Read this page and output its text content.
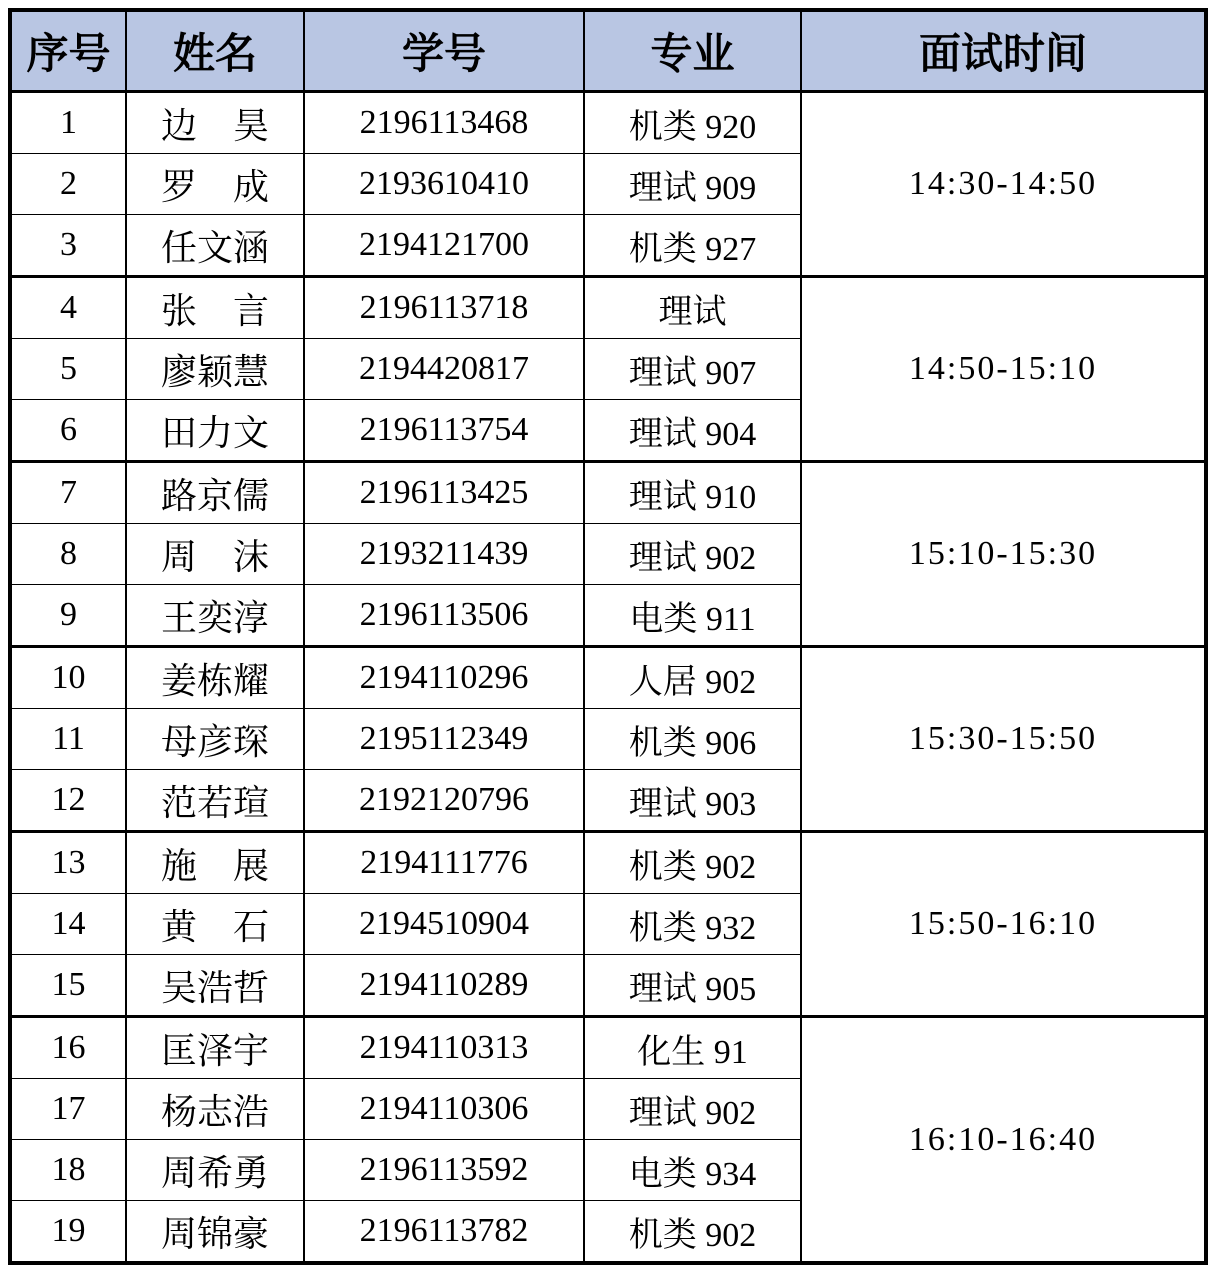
序号	姓名	学号	专业	面试时间
1	边　昊	2196113468	机类 920	14:30-14:50
2	罗　成	2193610410	理试 909	
3	任文涵	2194121700	机类 927	
4	张　言	2196113718	理试	14:50-15:10
5	廖颖慧	2194420817	理试 907	
6	田力文	2196113754	理试 904	
7	路京儒	2196113425	理试 910	15:10-15:30
8	周　沫	2193211439	理试 902	
9	王奕淳	2196113506	电类 911	
10	姜栋耀	2194110296	人居 902	15:30-15:50
11	母彦琛	2195112349	机类 906	
12	范若瑄	2192120796	理试 903	
13	施　展	2194111776	机类 902	15:50-16:10
14	黄　石	2194510904	机类 932	
15	吴浩哲	2194110289	理试 905	
16	匡泽宇	2194110313	化生 91	16:10-16:40
17	杨志浩	2194110306	理试 902	
18	周希勇	2196113592	电类 934	
19	周锦豪	2196113782	机类 902	
